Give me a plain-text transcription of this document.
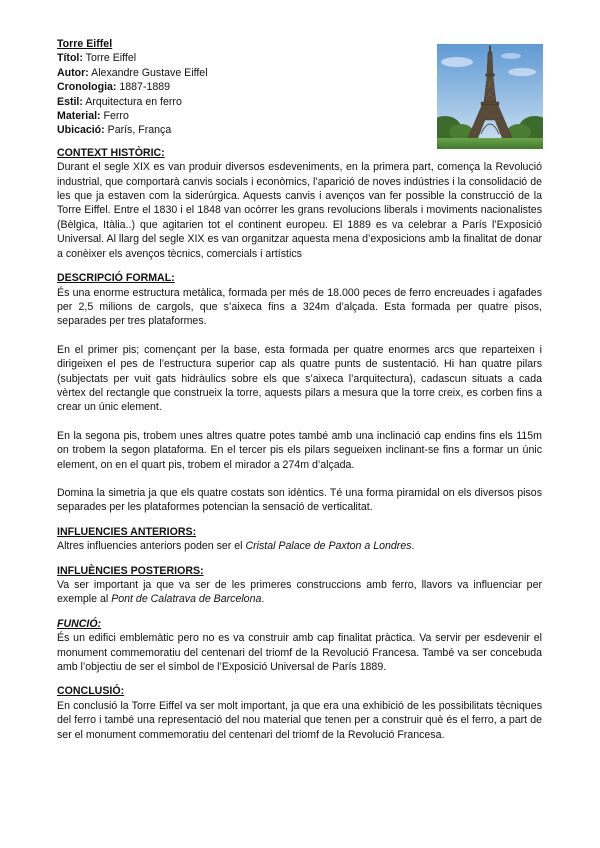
Torre Eiffel
Títol: Torre Eiffel
Autor: Alexandre Gustave Eiffel
Cronologia: 1887-1889
Estil: Arquitectura en ferro
Material: Ferro
Ubicació: París, França
CONTEXT HISTÒRIC:

Durant el segle XIX es van produir diversos esdeveniments, en la primera part, comença la Revolució industrial, que comportarà canvis socials i econòmics, l’aparició de noves indústries i la consolidació de les que ja estaven com la siderúrgica. Aquests canvis i avenços van fer possible la construcció de la Torre Eiffel. Entre el 1830 i el 1848 van ocórrer les grans revolucions liberals i moviments nacionalistes (Bèlgica, Itàlia..) que agitarien tot el continent europeu. El 1889 es va celebrar a París l’Exposició Universal. Al llarg del segle XIX es van organitzar aquesta mena d’exposicions amb la finalitat de donar a conèixer els avenços tècnics, comercials i artístics

DESCRIPCIÓ FORMAL:

És una enorme estructura metàlica, formada per més de 18.000 peces de ferro encreuades i agafades per 2,5 milions de cargols, que s’aixeca fins a 324m d’alçada. Esta formada per quatre pisos, separades per tres plataformes.

En el primer pis; començant per la base, esta formada per quatre enormes arcs que reparteixen i dirigeixen el pes de l’estructura superior cap als quatre punts de sustentació. Hi han quatre pilars (subjectats per vuit gats hidràulics sobre els que s’aixeca l’arquitectura), cadascun situats a cada vèrtex del rectangle que construeix la torre, aquests pilars a mesura que la torre creix, es corben fins a crear un únic element.

En la segona pis, trobem unes altres quatre potes també amb una inclinació cap endins fins els 115m on trobem la segon plataforma. En el tercer pis els pilars segueixen inclinant-se fins a formar un únic element, on en el quart pis, trobem el mirador a 274m d’alçada.

Domina la simetria ja que els quatre costats son idèntics. Té una forma piramidal on els diversos pisos separades per les plataformes potencian la sensació de verticalitat.

INFLUENCIES ANTERIORS:

Altres influencies anteriors poden ser el Cristal Palace de Paxton a Londres.

INFLUÈNCIES POSTERIORS:

Va ser important ja que va ser de les primeres construccions amb ferro, llavors va influenciar per exemple al Pont de Calatrava de Barcelona.

FUNCIÓ:

És un edifici emblemàtic pero no es va construir amb cap finalitat pràctica. Va servir per esdevenir el monument commemoratiu del centenari del triomf de la Revolució Francesa. També va ser concebuda amb l’objectiu de ser el símbol de l’Exposició Universal de París 1889.

CONCLUSIÓ:

En conclusió la Torre Eiffel va ser molt important, ja que era una exhibició de les possibilitats tècniques del ferro i també una representació del nou material que tenen per a construir què és el ferro, a part de ser el monument commemoratiu del centenari del triomf de la Revolució Francesa.
